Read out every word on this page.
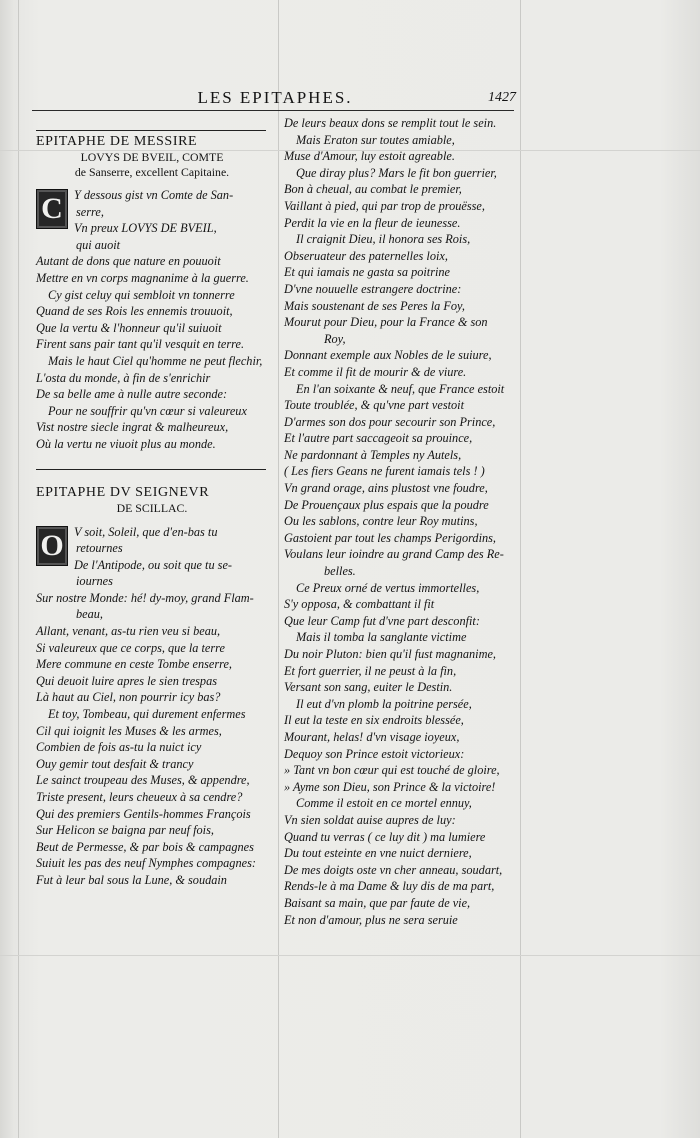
LES EPITAPHES.	1427
EPITAPHE DE MESSIRE
LOVYS DE BVEIL, COMTE
de Sanserre, excellent Capitaine.
C Y dessous gist vn Comte de San-
serre,
Vn preux LOVYS DE BVEIL,
qui auoit
Autant de dons que nature en pouuoit
Mettre en vn corps magnanime à la guerre.
Cy gist celuy qui sembloit vn tonnerre
Quand de ses Rois les ennemis trouuoit,
Que la vertu & l'honneur qu'il suiuoit
Firent sans pair tant qu'il vesquit en terre.
Mais le haut Ciel qu'homme ne peut flechir,
L'osta du monde, à fin de s'enrichir
De sa belle ame à nulle autre seconde:
Pour ne souffrir qu'vn cœur si valeureux
Vist nostre siecle ingrat & malheureux,
Où la vertu ne viuoit plus au monde.
EPITAPHE DV SEIGNEVR
DE SCILLAC.
O V soit, Soleil, que d'en-bas tu
retournes
De l'Antipode, ou soit que tu se-
iournes
Sur nostre Monde: hé! dy-moy, grand Flam-
beau,
Allant, venant, as-tu rien veu si beau,
Si valeureux que ce corps, que la terre
Mere commune en ceste Tombe enserre,
Qui deuoit luire apres le sien trespas
Là haut au Ciel, non pourrir icy bas?
Et toy, Tombeau, qui durement enfermes
Cil qui ioignit les Muses & les armes,
Combien de fois as-tu la nuict icy
Ouy gemir tout desfait & trancy
Le sainct troupeau des Muses, & appendre,
Triste present, leurs cheueux à sa cendre?
Qui des premiers Gentils-hommes François
Sur Helicon se baigna par neuf fois,
Beut de Permesse, & par bois & campagnes
Suiuit les pas des neuf Nymphes compagnes:
Fut à leur bal sous la Lune, & soudain
De leurs beaux dons se remplit tout le sein.
Mais Eraton sur toutes amiable,
Muse d'Amour, luy estoit agreable.
Que diray plus? Mars le fit bon guerrier,
Bon à cheual, au combat le premier,
Vaillant à pied, qui par trop de prouësse,
Perdit la vie en la fleur de ieunesse.
Il craignit Dieu, il honora ses Rois,
Obseruateur des paternelles loix,
Et qui iamais ne gasta sa poitrine
D'vne nouuelle estrangere doctrine:
Mais soustenant de ses Peres la Foy,
Mourut pour Dieu, pour la France & son
Roy,
Donnant exemple aux Nobles de le suiure,
Et comme il fit de mourir & de viure.
En l'an soixante & neuf, que France estoit
Toute troublée, & qu'vne part vestoit
D'armes son dos pour secourir son Prince,
Et l'autre part saccageoit sa prouince,
Ne pardonnant à Temples ny Autels,
( Les fiers Geans ne furent iamais tels ! )
Vn grand orage, ains plustost vne foudre,
De Prouençaux plus espais que la poudre
Ou les sablons, contre leur Roy mutins,
Gastoient par tout les champs Perigordins,
Voulans leur ioindre au grand Camp des Re-
belles.
Ce Preux orné de vertus immortelles,
S'y opposa, & combattant il fit
Que leur Camp fut d'vne part desconfit:
Mais il tomba la sanglante victime
Du noir Pluton: bien qu'il fust magnanime,
Et fort guerrier, il ne peust à la fin,
Versant son sang, euiter le Destin.
Il eut d'vn plomb la poitrine persée,
Il eut la teste en six endroits blessée,
Mourant, helas! d'vn visage ioyeux,
Dequoy son Prince estoit victorieux:
» Tant vn bon cœur qui est touché de gloire,
» Ayme son Dieu, son Prince & la victoire!
Comme il estoit en ce mortel ennuy,
Vn sien soldat auise aupres de luy:
Quand tu verras ( ce luy dit ) ma lumiere
Du tout esteinte en vne nuict derniere,
De mes doigts oste vn cher anneau, soudart,
Rends-le à ma Dame & luy dis de ma part,
Baisant sa main, que par faute de vie,
Et non d'amour, plus ne sera seruie
